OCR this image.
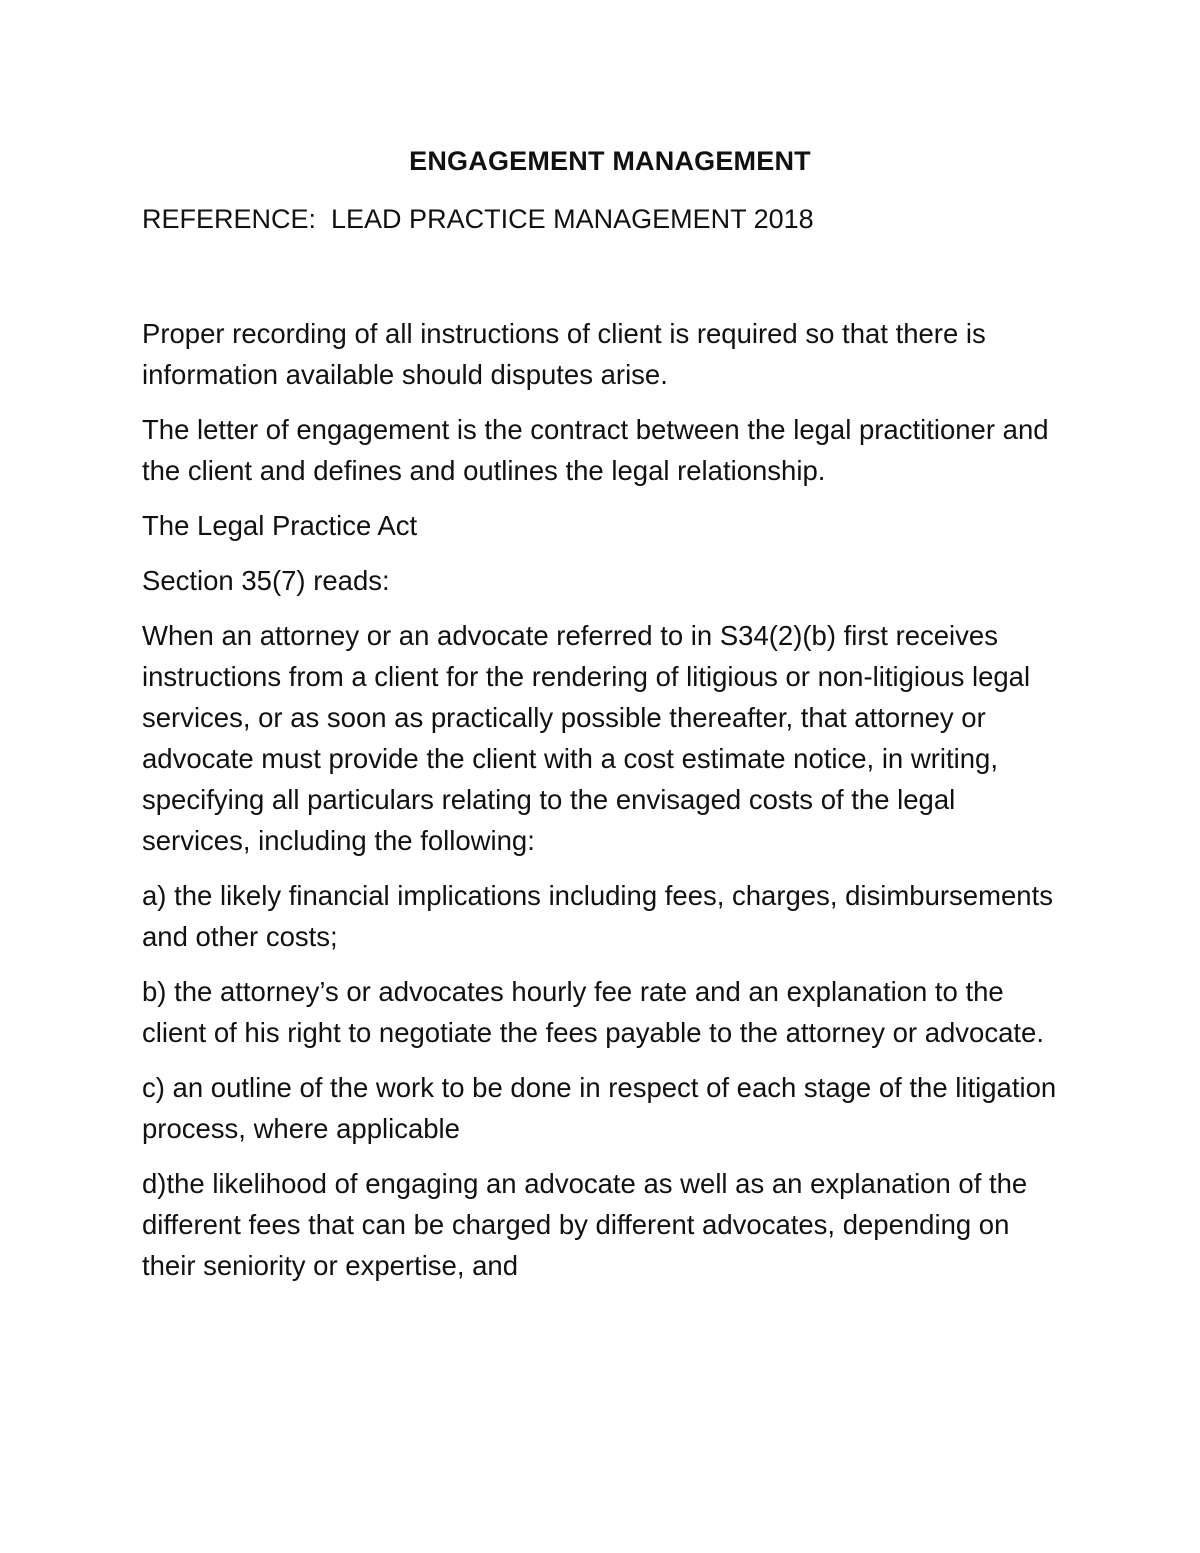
ENGAGEMENT MANAGEMENT
REFERENCE:  LEAD PRACTICE MANAGEMENT 2018

Proper recording of all instructions of client is required so that there is information available should disputes arise.

The letter of engagement is the contract between the legal practitioner and the client and defines and outlines the legal relationship.

The Legal Practice Act

Section 35(7) reads:

When an attorney or an advocate referred to in S34(2)(b) first receives instructions from a client for the rendering of litigious or non-litigious legal services, or as soon as practically possible thereafter, that attorney or advocate must provide the client with a cost estimate notice, in writing, specifying all particulars relating to the envisaged costs of the legal services, including the following:

a) the likely financial implications including fees, charges, disimbursements and other costs;

b) the attorney’s or advocates hourly fee rate and an explanation to the client of his right to negotiate the fees payable to the attorney or advocate.

c) an outline of the work to be done in respect of each stage of the litigation process, where applicable

d)the likelihood of engaging an advocate as well as an explanation of the different fees that can be charged by different advocates, depending on their seniority or expertise, and
